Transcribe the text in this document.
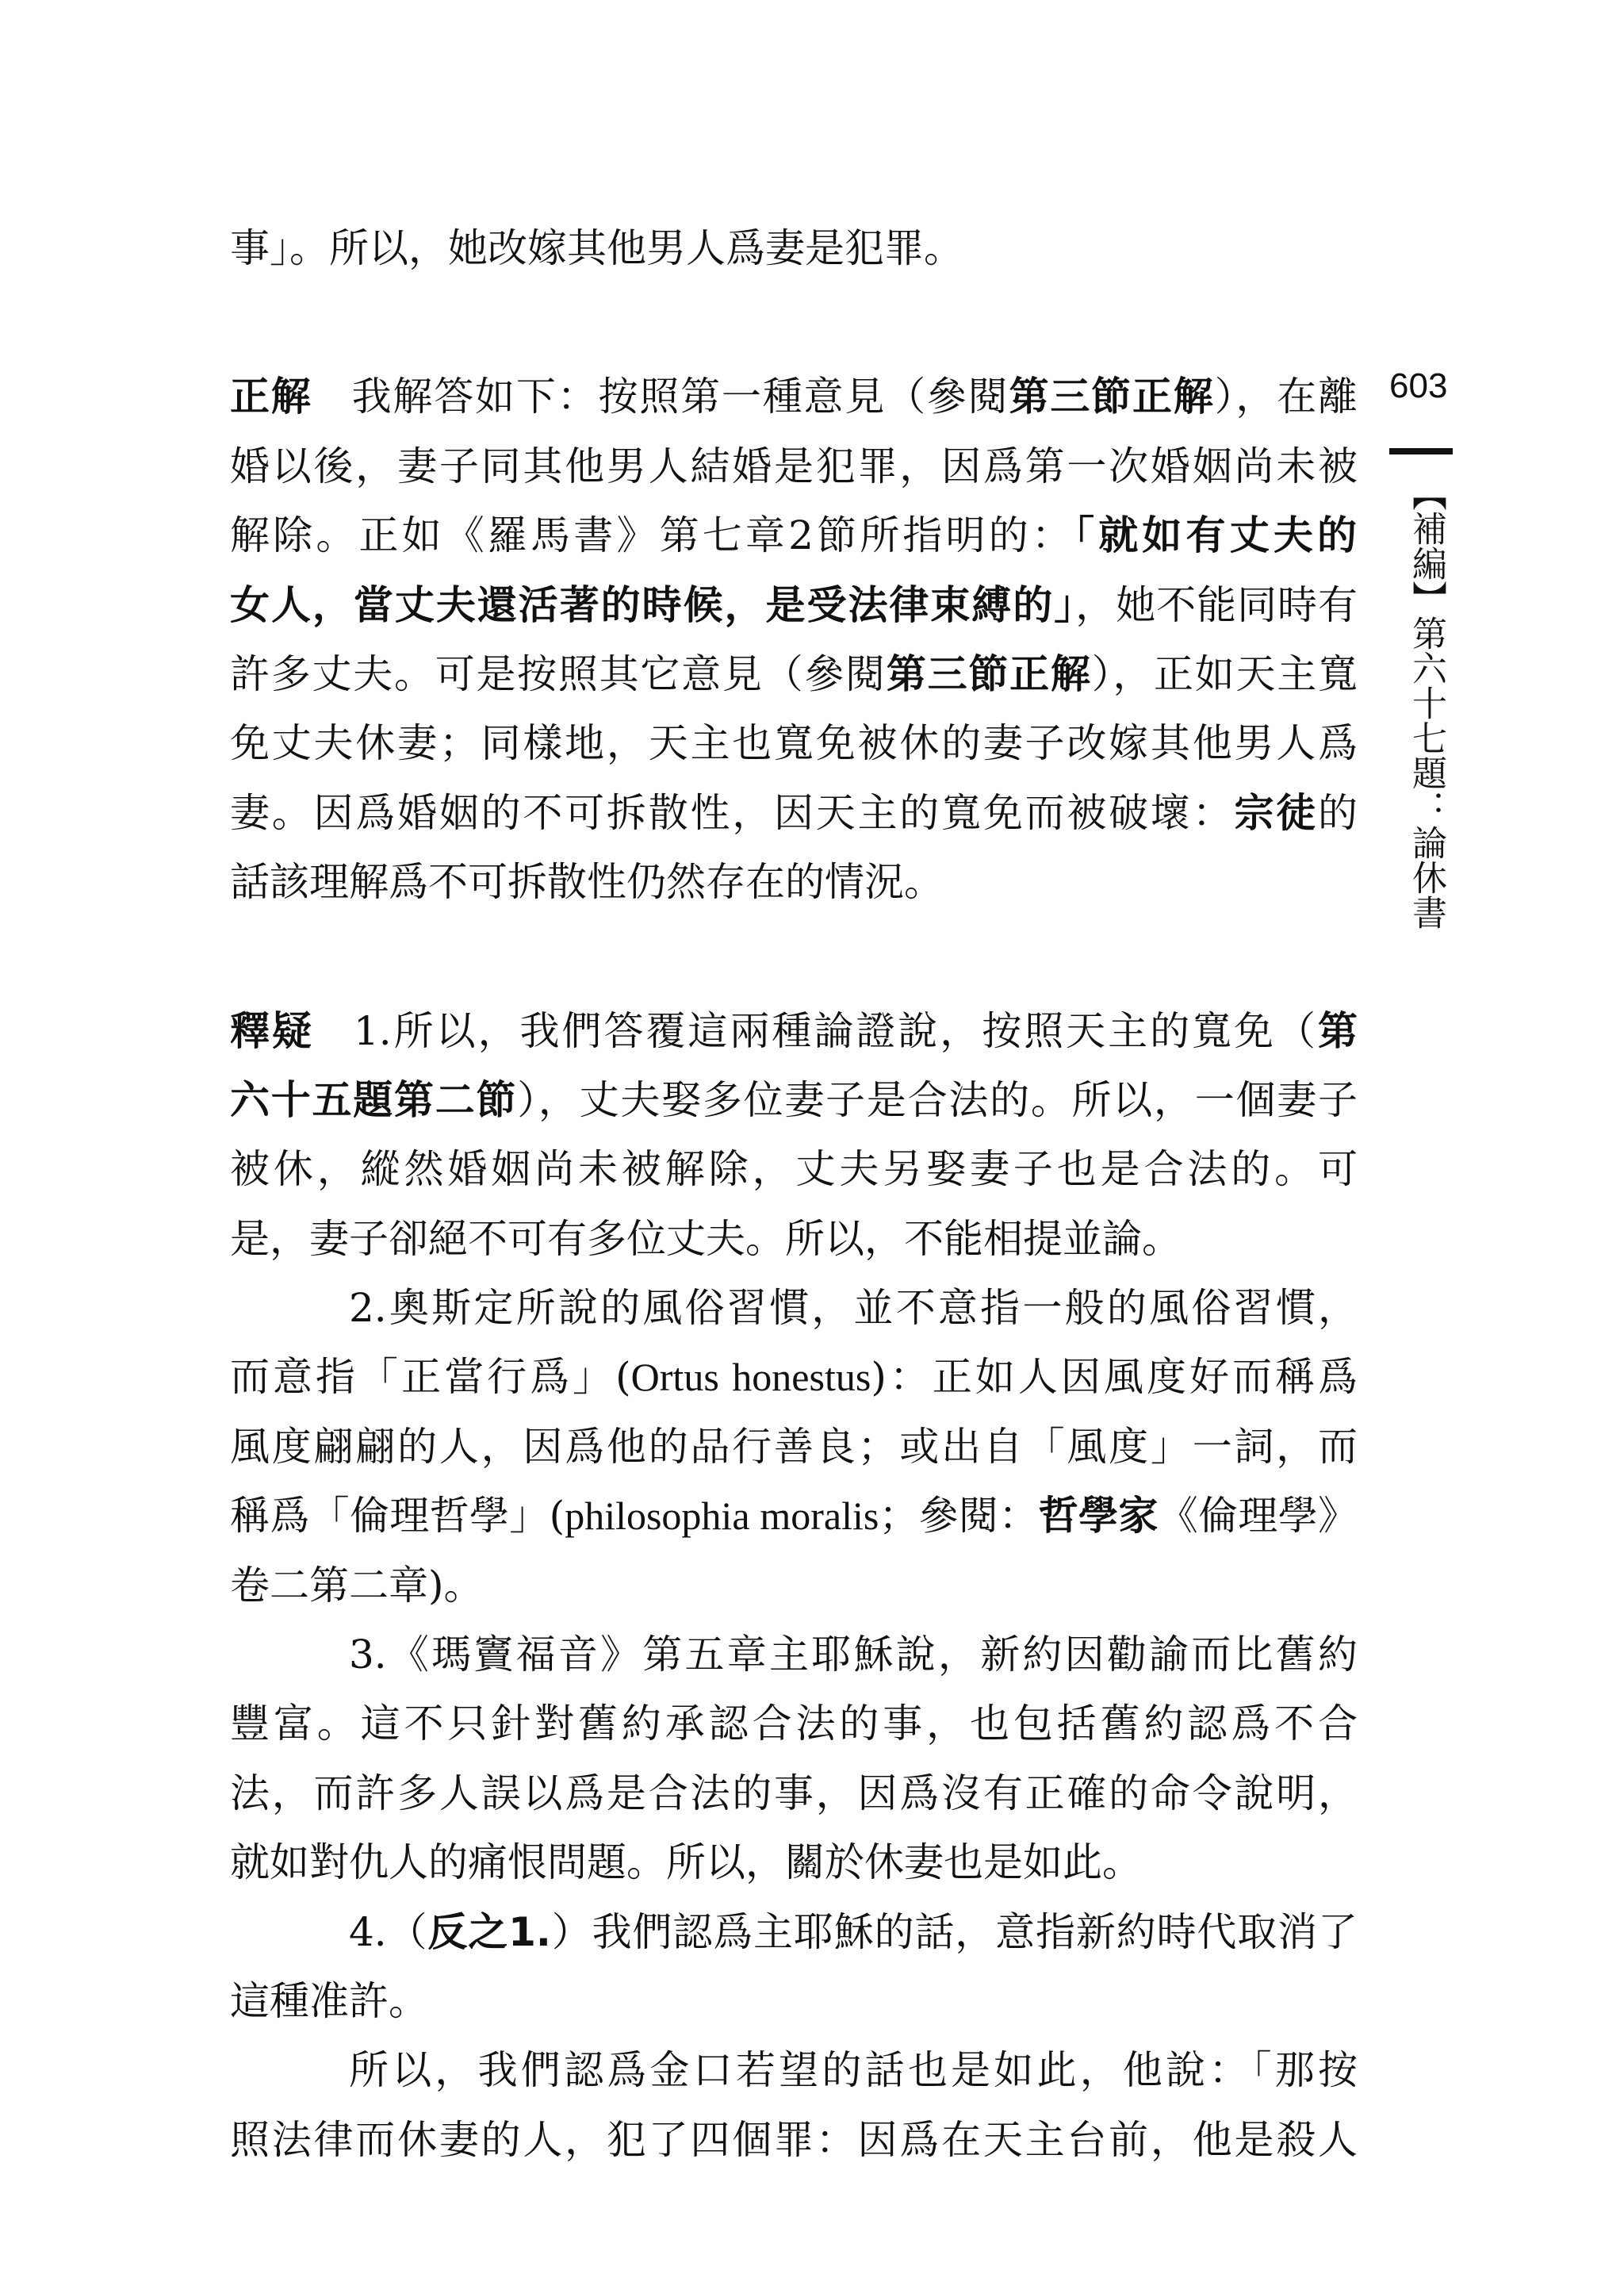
事」。所以，她改嫁其他男人爲妻是犯罪。
正解 我解答如下：按照第一種意見（參閱第三節正解），在離
婚以後，妻子同其他男人結婚是犯罪，因爲第一次婚姻尚未被
解除。正如《羅馬書》第七章2節所指明的：「就如有丈夫的
女人，當丈夫還活著的時候，是受法律束縛的」，她不能同時有
許多丈夫。可是按照其它意見（參閱第三節正解），正如天主寬
免丈夫休妻；同樣地，天主也寬免被休的妻子改嫁其他男人爲
妻。因爲婚姻的不可拆散性，因天主的寬免而被破壞：宗徒的
話該理解爲不可拆散性仍然存在的情況。
釋疑 1.所以，我們答覆這兩種論證說，按照天主的寬免（第
六十五題第二節），丈夫娶多位妻子是合法的。所以，一個妻子
被休，縱然婚姻尚未被解除，丈夫另娶妻子也是合法的。可
是，妻子卻絕不可有多位丈夫。所以，不能相提並論。
2.奧斯定所說的風俗習慣，並不意指一般的風俗習慣，
而意指「正當行爲」(Ortus honestus)：正如人因風度好而稱爲
風度翩翩的人，因爲他的品行善良；或出自「風度」一詞，而
稱爲「倫理哲學」(philosophia moralis；參閱：哲學家《倫理學》
卷二第二章)。
3.《瑪竇福音》第五章主耶穌說，新約因勸諭而比舊約
豐富。這不只針對舊約承認合法的事，也包括舊約認爲不合
法，而許多人誤以爲是合法的事，因爲沒有正確的命令說明，
就如對仇人的痛恨問題。所以，關於休妻也是如此。
4.（反之1.）我們認爲主耶穌的話，意指新約時代取消了
這種准許。
所以，我們認爲金口若望的話也是如此，他說：「那按
照法律而休妻的人，犯了四個罪：因爲在天主台前，他是殺人
603
【補編】第六十七題：論休書
